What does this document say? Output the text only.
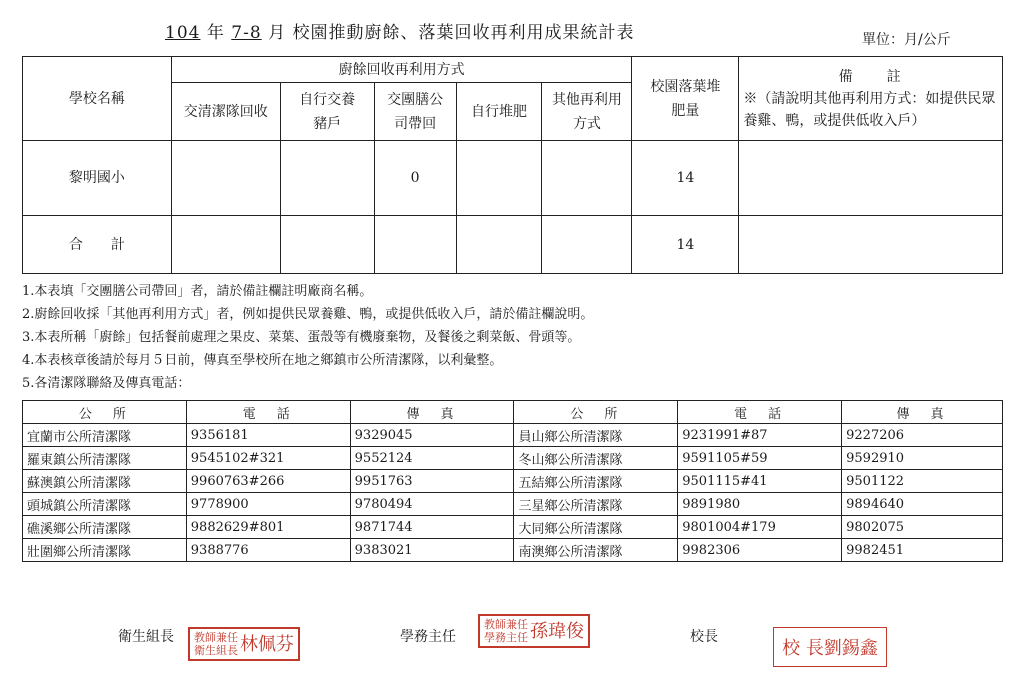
104 年 7-8 月 校園推動廚餘、落葉回收再利用成果統計表	單位：月/公斤
學校名稱	廚餘回收再利用方式					校園落葉堆肥量	備　　註
※（請說明其他再利用方式：如提供民眾養雞、鴨，或提供低收入戶）

	交清潔隊回收	自行交養豬戶	交團膳公司帶回	自行堆肥	其他再利用方式		

黎明國小			0			14	
合　　計						14	
1.本表填「交團膳公司帶回」者，請於備註欄註明廠商名稱。
2.廚餘回收採「其他再利用方式」者，例如提供民眾養雞、鴨，或提供低收入戶，請於備註欄說明。
3.本表所稱「廚餘」包括餐前處理之果皮、菜葉、蛋殼等有機廢棄物，及餐後之剩菜飯、骨頭等。
4.本表核章後請於每月５日前，傳真至學校所在地之鄉鎮市公所清潔隊，以利彙整。
5.各清潔隊聯絡及傳真電話：
公　所	電　話	傳　真	公　所	電　話	傳　真
宜蘭市公所清潔隊	9356181	9329045	員山鄉公所清潔隊	9231991#87	9227206
羅東鎮公所清潔隊	9545102#321	9552124	冬山鄉公所清潔隊	9591105#59	9592910
蘇澳鎮公所清潔隊	9960763#266	9951763	五結鄉公所清潔隊	9501115#41	9501122
頭城鎮公所清潔隊	9778900	9780494	三星鄉公所清潔隊	9891980	9894640
礁溪鄉公所清潔隊	9882629#801	9871744	大同鄉公所清潔隊	9801004#179	9802075
壯圍鄉公所清潔隊	9388776	9383021	南澳鄉公所清潔隊	9982306	9982451
衛生組長 教師兼任
衛生組長 林佩芬	學務主任
教師兼任
學務主任 孫瑋俊	校長
校 長劉錫鑫
